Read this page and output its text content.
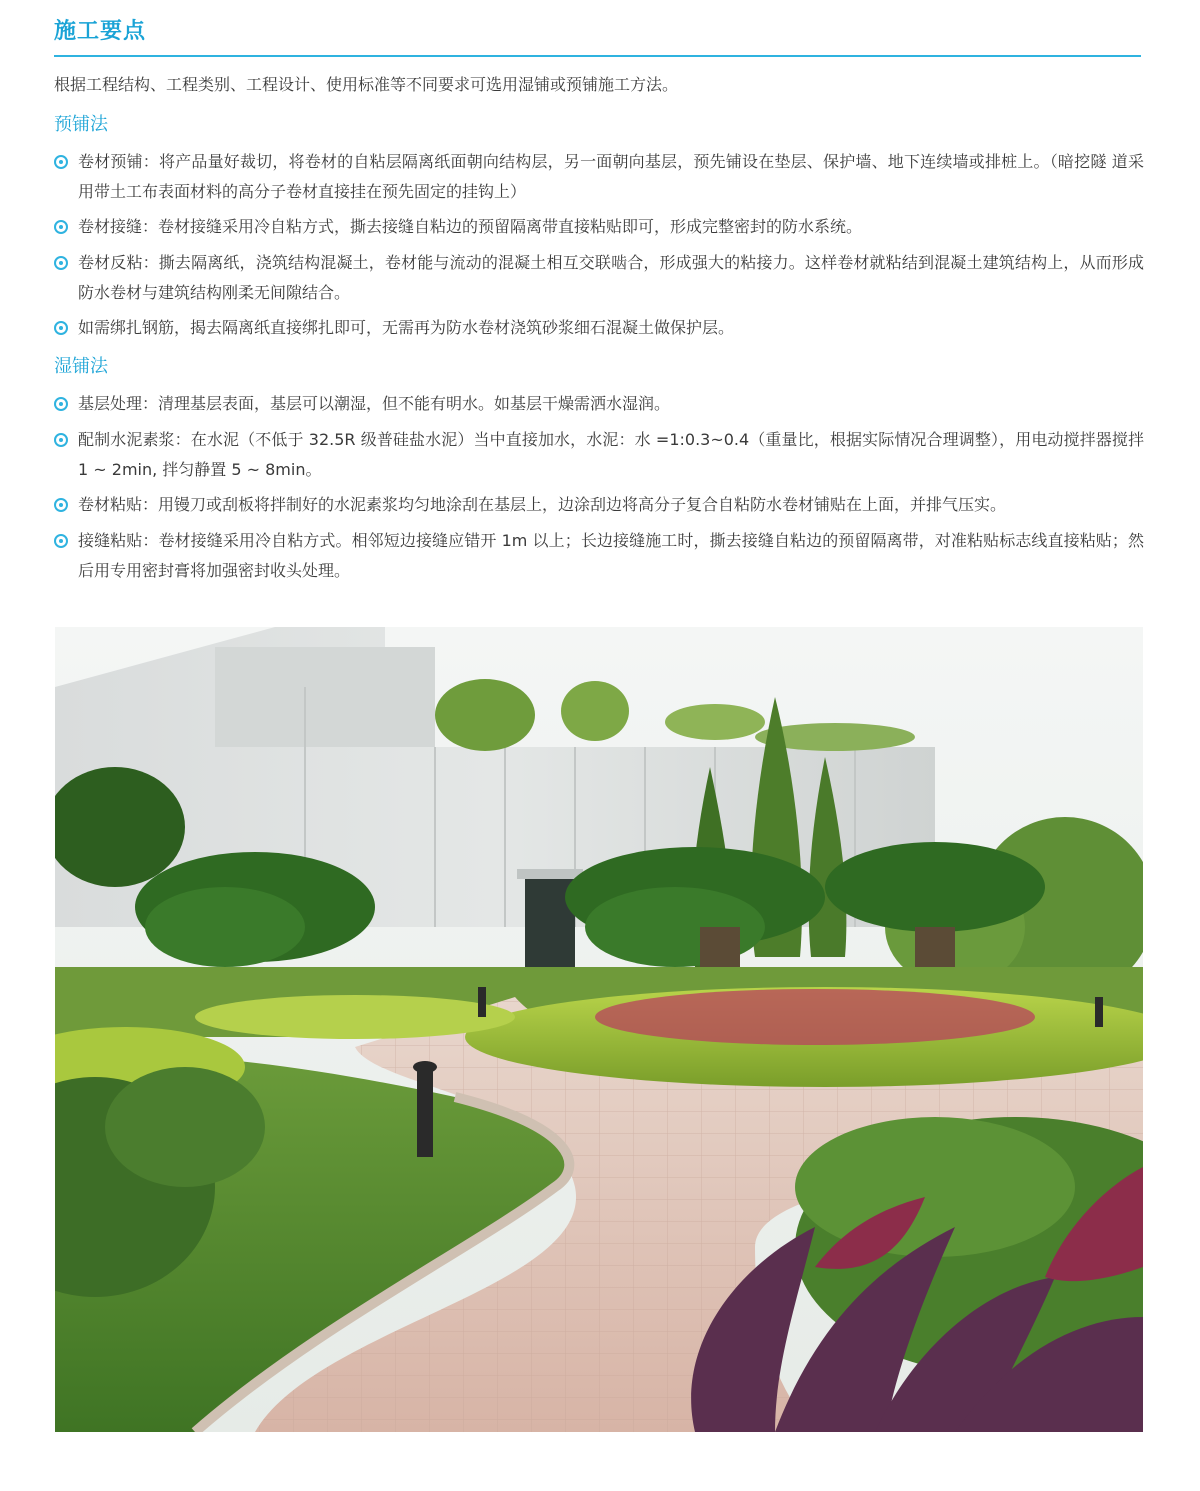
施工要点
根据工程结构、工程类别、工程设计、使用标准等不同要求可选用湿铺或预铺施工方法。
预铺法
卷材预铺：将产品量好裁切，将卷材的自粘层隔离纸面朝向结构层，另一面朝向基层，预先铺设在垫层、保护墙、地下连续墙或排桩上。（暗挖隧 道采用带土工布表面材料的高分子卷材直接挂在预先固定的挂钩上）
卷材接缝：卷材接缝采用冷自粘方式，撕去接缝自粘边的预留隔离带直接粘贴即可，形成完整密封的防水系统。
卷材反粘：撕去隔离纸，浇筑结构混凝土，卷材能与流动的混凝土相互交联啮合，形成强大的粘接力。这样卷材就粘结到混凝土建筑结构上，从而形成防水卷材与建筑结构刚柔无间隙结合。
如需绑扎钢筋，揭去隔离纸直接绑扎即可，无需再为防水卷材浇筑砂浆细石混凝土做保护层。
湿铺法
基层处理：清理基层表面，基层可以潮湿，但不能有明水。如基层干燥需洒水湿润。
配制水泥素浆：在水泥（不低于 32.5R 级普硅盐水泥）当中直接加水，水泥：水 =1:0.3~0.4（重量比，根据实际情况合理调整），用电动搅拌器搅拌 1 ~ 2min, 拌匀静置 5 ~ 8min。
卷材粘贴：用镘刀或刮板将拌制好的水泥素浆均匀地涂刮在基层上，边涂刮边将高分子复合自粘防水卷材铺贴在上面，并排气压实。
接缝粘贴：卷材接缝采用冷自粘方式。相邻短边接缝应错开 1m 以上；长边接缝施工时，撕去接缝自粘边的预留隔离带，对准粘贴标志线直接粘贴；然后用专用密封膏将加强密封收头处理。
